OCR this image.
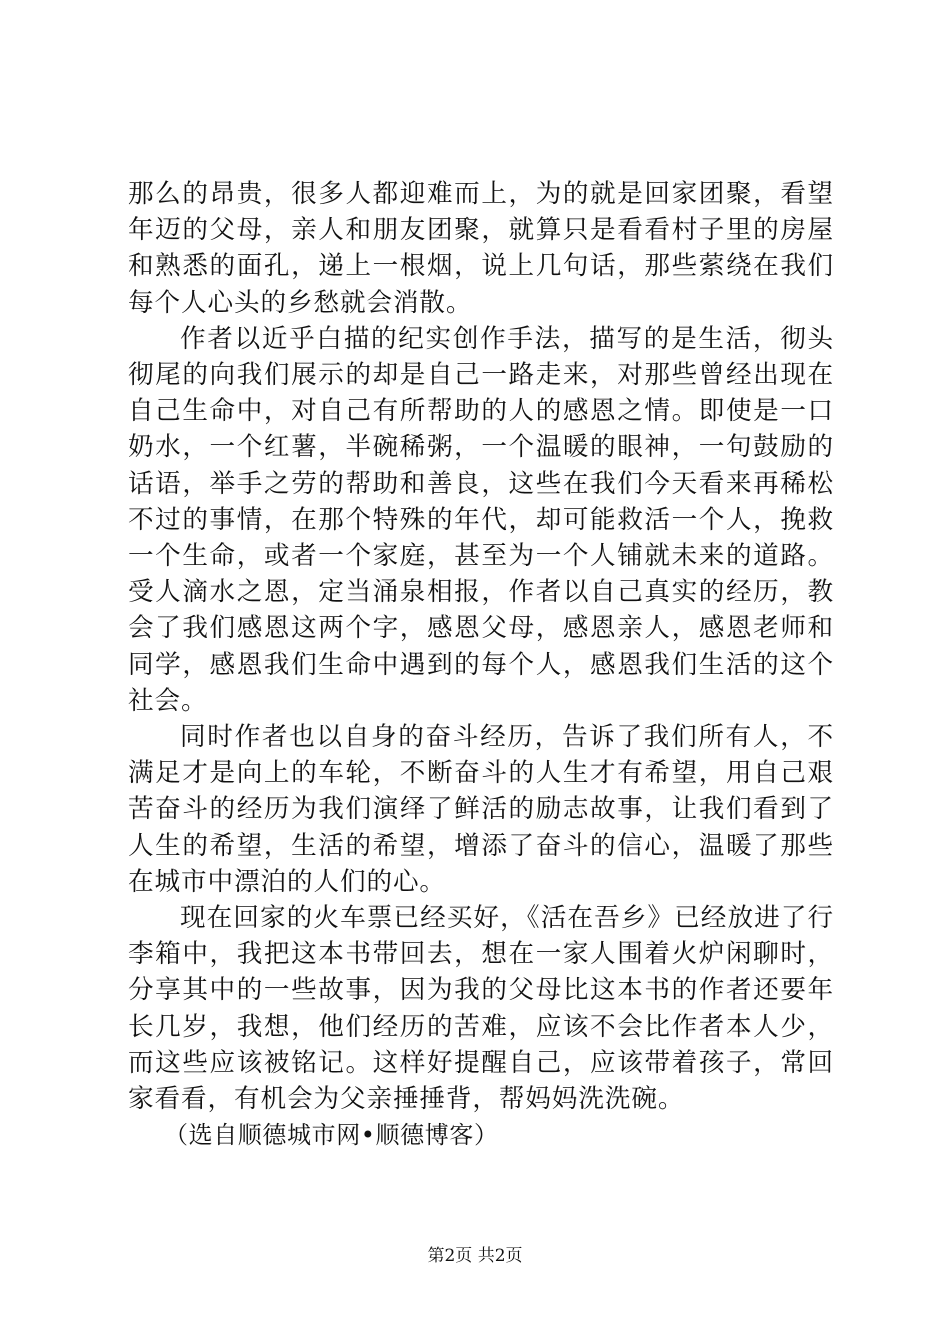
那么的昂贵，很多人都迎难而上，为的就是回家团聚，看望年迈的父母，亲人和朋友团聚，就算只是看看村子里的房屋和熟悉的面孔，递上一根烟，说上几句话，那些萦绕在我们每个人心头的乡愁就会消散。

作者以近乎白描的纪实创作手法，描写的是生活，彻头彻尾的向我们展示的却是自己一路走来，对那些曾经出现在自己生命中，对自己有所帮助的人的感恩之情。即使是一口奶水，一个红薯，半碗稀粥，一个温暖的眼神，一句鼓励的话语，举手之劳的帮助和善良，这些在我们今天看来再稀松不过的事情，在那个特殊的年代，却可能救活一个人，挽救一个生命，或者一个家庭，甚至为一个人铺就未来的道路。受人滴水之恩，定当涌泉相报，作者以自己真实的经历，教会了我们感恩这两个字，感恩父母，感恩亲人，感恩老师和同学，感恩我们生命中遇到的每个人，感恩我们生活的这个社会。

同时作者也以自身的奋斗经历，告诉了我们所有人，不满足才是向上的车轮，不断奋斗的人生才有希望，用自己艰苦奋斗的经历为我们演绎了鲜活的励志故事，让我们看到了人生的希望，生活的希望，增添了奋斗的信心，温暖了那些在城市中漂泊的人们的心。

现在回家的火车票已经买好，《活在吾乡》已经放进了行李箱中，我把这本书带回去，想在一家人围着火炉闲聊时，分享其中的一些故事，因为我的父母比这本书的作者还要年长几岁，我想，他们经历的苦难，应该不会比作者本人少，而这些应该被铭记。这样好提醒自己，应该带着孩子，常回家看看，有机会为父亲捶捶背，帮妈妈洗洗碗。

（选自顺德城市网•顺德博客）

第2页 共2页
